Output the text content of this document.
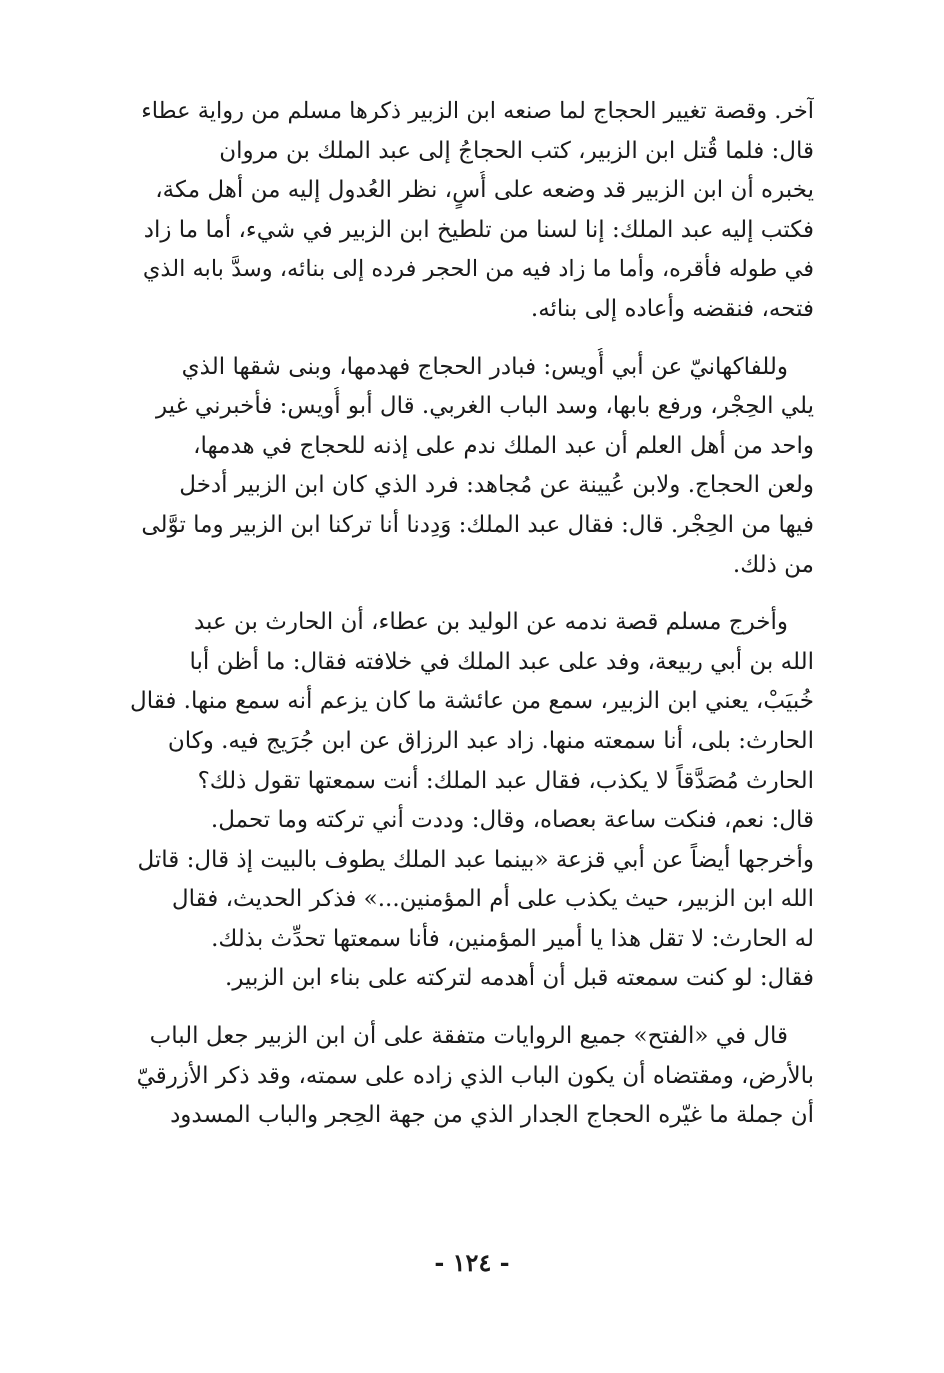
آخر. وقصة تغيير الحجاج لما صنعه ابن الزبير ذكرها مسلم من رواية عطاء
قال: فلما قُتل ابن الزبير، كتب الحجاجُ إلى عبد الملك بن مروان
يخبره أن ابن الزبير قد وضعه على أُسٍ، نظر العُدول إليه من أهل مكة،
فكتب إليه عبد الملك: إنا لسنا من تلطيخ ابن الزبير في شيء، أما ما زاد
في طوله فأقره، وأما ما زاد فيه من الحجر فرده إلى بنائه، وسدَّ بابه الذي
فتحه، فنقضه وأعاده إلى بنائه.

وللفاكهانيّ عن أبي أُويس: فبادر الحجاج فهدمها، وبنى شقها الذي
يلي الحِجْر، ورفع بابها، وسد الباب الغربي. قال أبو أُويس: فأخبرني غير
واحد من أهل العلم أن عبد الملك ندم على إذنه للحجاج في هدمها،
ولعن الحجاج. ولابن عُيينة عن مُجاهد: فرد الذي كان ابن الزبير أدخل
فيها من الحِجْر. قال: فقال عبد الملك: وَدِدنا أنا تركنا ابن الزبير وما توَّلى
من ذلك.

وأخرج مسلم قصة ندمه عن الوليد بن عطاء، أن الحارث بن عبد
الله بن أبي ربيعة، وفد على عبد الملك في خلافته فقال: ما أظن أبا
خُبيَبْ، يعني ابن الزبير، سمع من عائشة ما كان يزعم أنه سمع منها. فقال
الحارث: بلى، أنا سمعته منها. زاد عبد الرزاق عن ابن جُرَيج فيه. وكان
الحارث مُصَدَّقاً لا يكذب، فقال عبد الملك: أنت سمعتها تقول ذلك؟
قال: نعم، فنكت ساعة بعصاه، وقال: وددت أني تركته وما تحمل.
وأخرجها أيضاً عن أبي قزعة «بينما عبد الملك يطوف بالبيت إذ قال: قاتل
الله ابن الزبير، حيث يكذب على أم المؤمنين...» فذكر الحديث، فقال
له الحارث: لا تقل هذا يا أمير المؤمنين، فأنا سمعتها تحدِّث بذلك.
فقال: لو كنت سمعته قبل أن أهدمه لتركته على بناء ابن الزبير.

قال في «الفتح» جميع الروايات متفقة على أن ابن الزبير جعل الباب
بالأرض، ومقتضاه أن يكون الباب الذي زاده على سمته، وقد ذكر الأزرقيّ
أن جملة ما غيّره الحجاج الجدار الذي من جهة الحِجر والباب المسدود

- ١٢٤ -
